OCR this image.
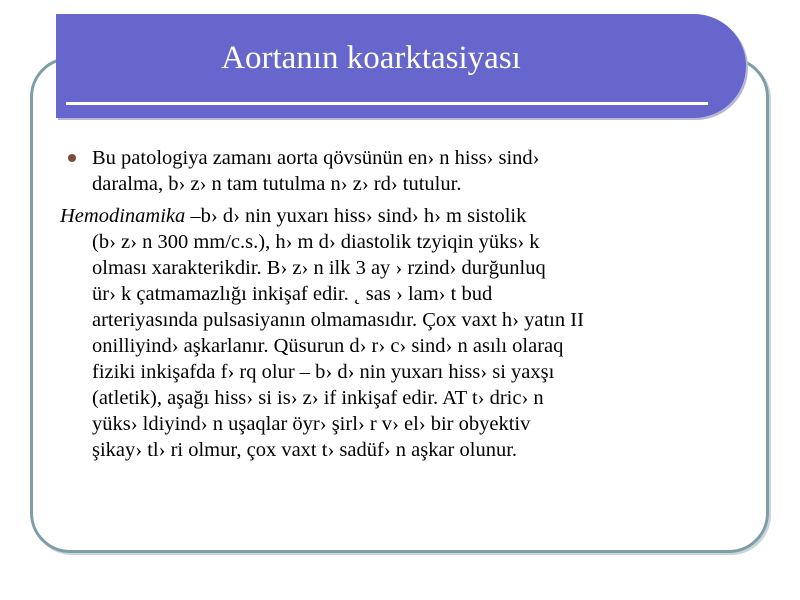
Aortanın koarktasiyası
Bu patologiya zamanı aorta qövsünün en› n hiss› sind›
daralma, b› z› n tam tutulma n› z› rd› tutulur.
Hemodinamika –b› d› nin yuxarı hiss› sind› h› m sistolik
(b› z› n 300 mm/c.s.), h› m d› diastolik tzyiqin yüks› k
olması xarakterikdir. B› z› n ilk 3 ay › rzind› durğunluq
ür› k çatmamazlığı inkişaf edir. ˛ sas › lam› t bud
arteriyasında pulsasiyanın olmamasıdır. Çox vaxt h› yatın II
onilliyind› aşkarlanır. Qüsurun d› r› c› sind› n asılı olaraq
fiziki inkişafda f› rq olur – b› d› nin yuxarı hiss› si yaxşı
(atletik), aşağı hiss› si is› z› if inkişaf edir. AT t› dric› n
yüks› ldiyind› n uşaqlar öyr› şirl› r v› el› bir obyektiv
şikay› tl› ri olmur, çox vaxt t› sadüf› n aşkar olunur.
